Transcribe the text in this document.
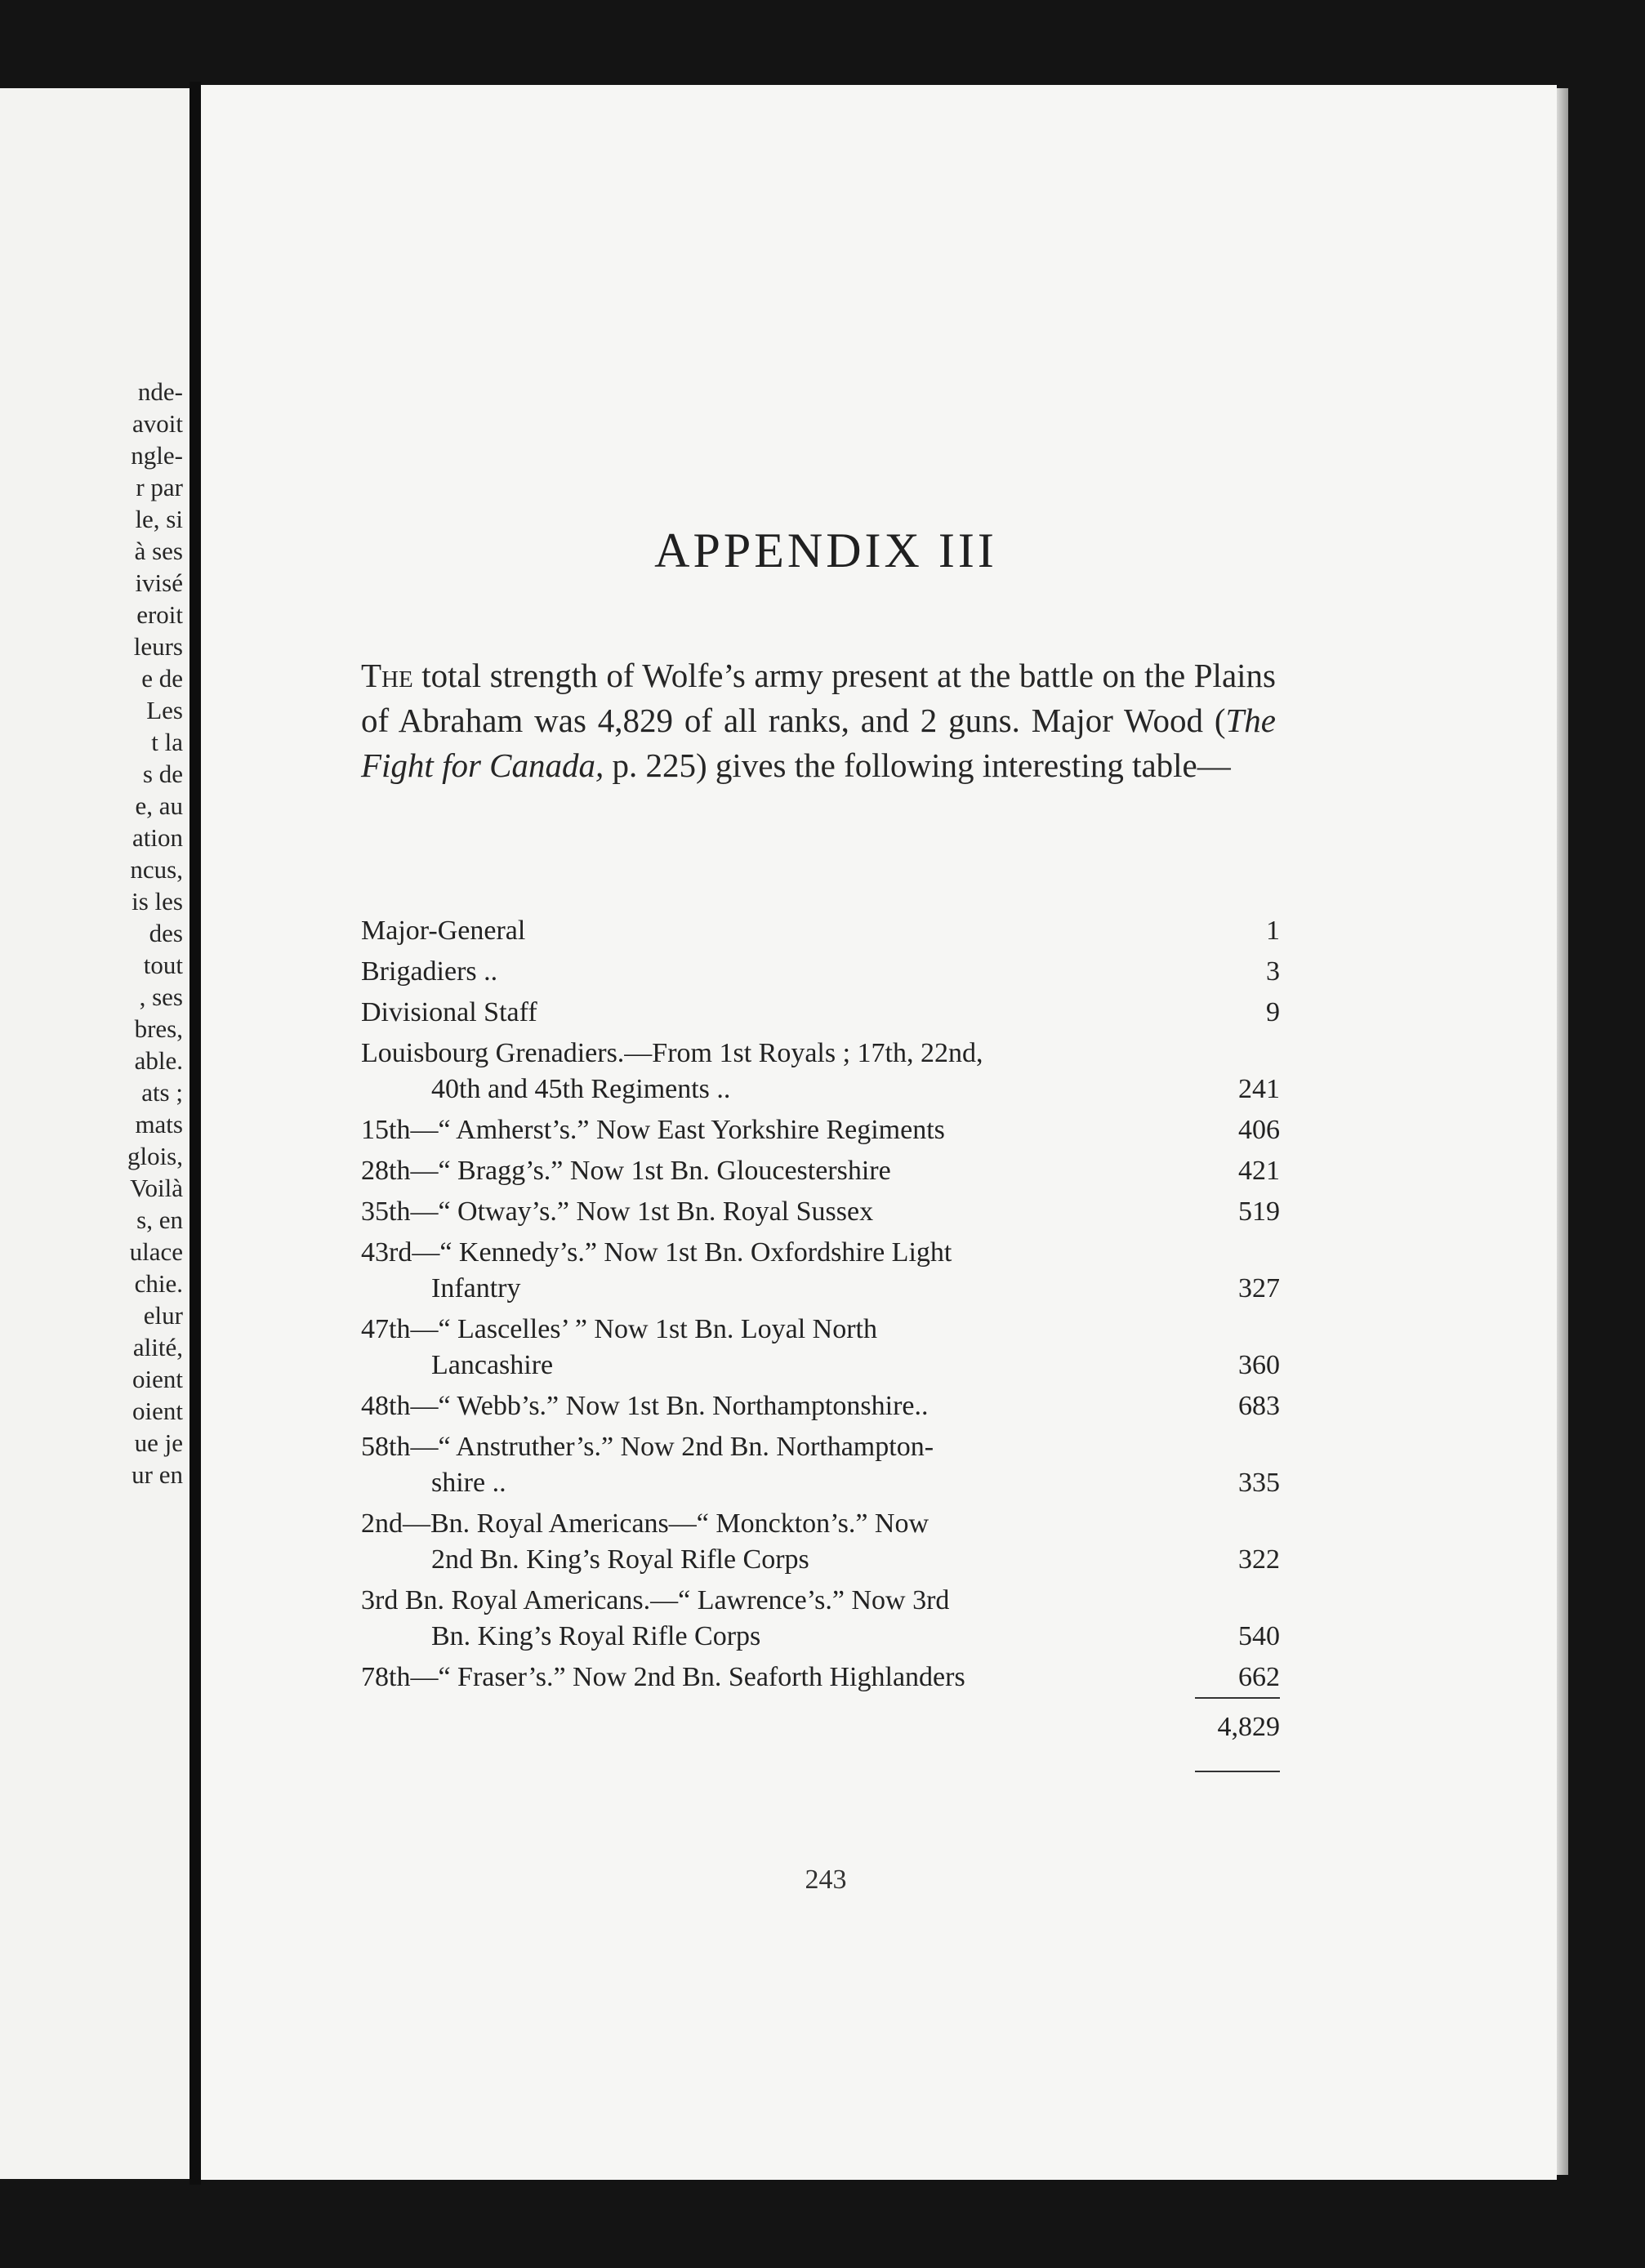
nde-
avoit
ngle-
r par
le, si
à ses
ivisé
eroit
leurs
e de
Les
t la
s de
e, au
ation
ncus,
is les
des
tout
, ses
bres,
able.
ats ;
mats
glois,
Voilà
s, en
ulace
chie.
elur
alité,
oient
oient
ue je
ur en
APPENDIX III
The total strength of Wolfe’s army present at the battle on the Plains of Abraham was 4,829 of all ranks, and 2 guns. Major Wood (The Fight for Canada, p. 225) gives the following interesting table—
Major-General	1
Brigadiers ..	3
Divisional Staff	9
Louisbourg Grenadiers.—From 1st Royals ; 17th, 22nd,
40th and 45th Regiments ..	241
15th—“ Amherst’s.” Now East Yorkshire Regiments	406
28th—“ Bragg’s.” Now 1st Bn. Gloucestershire	421
35th—“ Otway’s.” Now 1st Bn. Royal Sussex	519
43rd—“ Kennedy’s.” Now 1st Bn. Oxfordshire Light
Infantry	327
47th—“ Lascelles’ ” Now 1st Bn. Loyal North
Lancashire	360
48th—“ Webb’s.” Now 1st Bn. Northamptonshire..	683
58th—“ Anstruther’s.” Now 2nd Bn. Northampton-
shire ..	335
2nd—Bn. Royal Americans—“ Monckton’s.” Now
2nd Bn. King’s Royal Rifle Corps	322
3rd Bn. Royal Americans.—“ Lawrence’s.” Now 3rd
Bn. King’s Royal Rifle Corps	540
78th—“ Fraser’s.” Now 2nd Bn. Seaforth Highlanders	662
4,829
243
